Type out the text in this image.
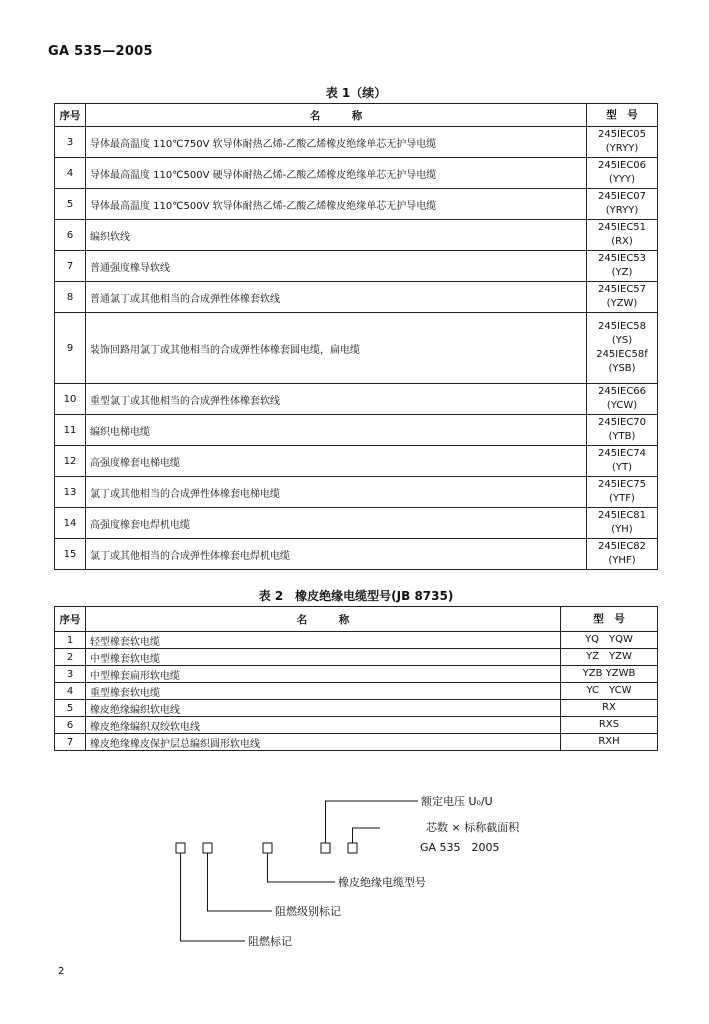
GA 535—2005
表 1（续）
序号	名　　　称	型　号
3	导体最高温度 110℃750V 软导体耐热乙烯-乙酸乙烯橡皮绝缘单芯无护导电缆	245IEC05
(YRYY)

4	导体最高温度 110℃500V 硬导体耐热乙烯-乙酸乙烯橡皮绝缘单芯无护导电缆	245IEC06
(YYY)

5	导体最高温度 110℃500V 软导体耐热乙烯-乙酸乙烯橡皮绝缘单芯无护导电缆	245IEC07
(YRYY)

6	编织软线	245IEC51
(RX)

7	普通强度橡导软线	245IEC53
(YZ)

8	普通氯丁或其他相当的合成弹性体橡套软线	245IEC57
(YZW)

9	装饰回路用氯丁或其他相当的合成弹性体橡套圆电缆，扁电缆	245IEC58
(YS)
245IEC58f
(YSB)

10	重型氯丁或其他相当的合成弹性体橡套软线	245IEC66
(YCW)

11	编织电梯电缆	245IEC70
(YTB)

12	高强度橡套电梯电缆	245IEC74
(YT)

13	氯丁或其他相当的合成弹性体橡套电梯电缆	245IEC75
(YTF)

14	高强度橡套电焊机电缆	245IEC81
(YH)

15	氯丁或其他相当的合成弹性体橡套电焊机电缆	245IEC82
(YHF)
表 2　橡皮绝缘电缆型号(JB 8735)
序号	名　　　称	型　号
1	轻型橡套软电缆	YQ　YQW
2	中型橡套软电缆	YZ　YZW
3	中型橡套扁形软电缆	YZB YZWB
4	重型橡套软电缆	YC　YCW
5	橡皮绝缘编织软电线	RX
6	橡皮绝缘编织双绞软电线	RXS
7	橡皮绝缘橡皮保护层总编织圆形软电线	RXH
额定电压 U₀/U
芯数 × 标称截面积
GA 535　2005
橡皮绝缘电缆型号
阻燃级别标记
阻燃标记
2
